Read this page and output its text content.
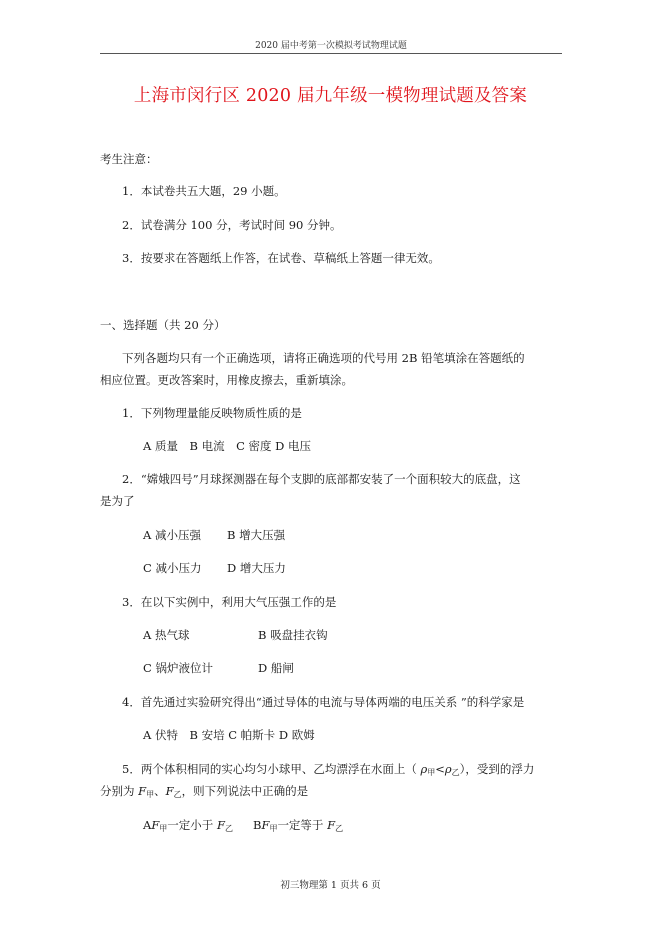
2020 届中考第一次模拟考试物理试题
上海市闵行区 2020 届九年级一模物理试题及答案
考生注意：
1．本试卷共五大题，29 小题。
2．试卷满分 100 分，考试时间 90 分钟。
3．按要求在答题纸上作答，在试卷、草稿纸上答题一律无效。
一、选择题（共 20 分）
下列各题均只有一个正确选项，请将正确选项的代号用 2B 铅笔填涂在答题纸的
相应位置。更改答案时，用橡皮擦去，重新填涂。
1．下列物理量能反映物质性质的是
A 质量　B 电流　C 密度 D 电压
2．“嫦娥四号”月球探测器在每个支脚的底部都安装了一个面积较大的底盘，这
是为了
A 减小压强 B 增大压强
C 减小压力 D 增大压力
3．在以下实例中，利用大气压强工作的是
A 热气球	B 吸盘挂衣钩
C 锅炉液位计	D 船闸
4．首先通过实验研究得出“通过导体的电流与导体两端的电压关系 ”的科学家是
A 伏特　B 安培 C 帕斯卡 D 欧姆
5．两个体积相同的实心均匀小球甲、乙均漂浮在水面上（ $\rho_甲<\rho_乙$），受到的浮力
分别为 $F_甲$、$F_乙$，则下列说法中正确的是
$AF_甲$一定小于 $F_乙$ $BF_甲$一定等于 $F_乙$
初三物理第 1 页共 6 页
